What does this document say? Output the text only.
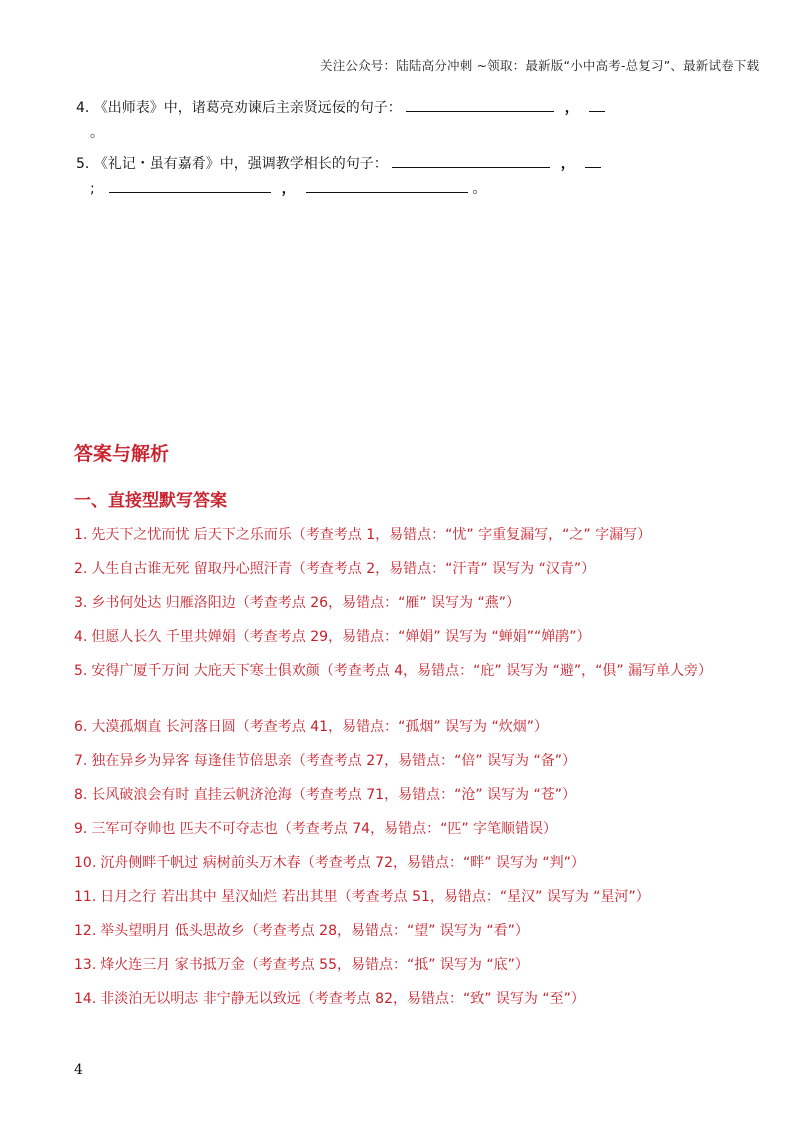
关注公众号：陆陆高分冲刺 ~领取：最新版“小中高考-总复习”、最新试卷下载
4. 《出师表》中，诸葛亮劝谏后主亲贤远佞的句子：	，
。
5. 《礼记・虽有嘉肴》中，强调教学相长的句子：	，
;	，	。
答案与解析
一、直接型默写答案
1. 先天下之忧而忧 后天下之乐而乐（考查考点 1，易错点：“忧” 字重复漏写，“之” 字漏写）
2. 人生自古谁无死 留取丹心照汗青（考查考点 2，易错点：“汗青” 误写为 “汉青”）
3. 乡书何处达 归雁洛阳边（考查考点 26，易错点：“雁” 误写为 “燕”）
4. 但愿人长久 千里共婵娟（考查考点 29，易错点：“婵娟” 误写为 “蝉娟”“婵鹃”）
5. 安得广厦千万间 大庇天下寒士俱欢颜（考查考点 4，易错点：“庇” 误写为 “避”，“俱” 漏写单人旁）
6. 大漠孤烟直 长河落日圆（考查考点 41，易错点：“孤烟” 误写为 “炊烟”）
7. 独在异乡为异客 每逢佳节倍思亲（考查考点 27，易错点：“倍” 误写为 “备”）
8. 长风破浪会有时 直挂云帆济沧海（考查考点 71，易错点：“沧” 误写为 “苍”）
9. 三军可夺帅也 匹夫不可夺志也（考查考点 74，易错点：“匹” 字笔顺错误）
10. 沉舟侧畔千帆过 病树前头万木春（考查考点 72，易错点：“畔” 误写为 “判”）
11. 日月之行 若出其中 星汉灿烂 若出其里（考查考点 51，易错点：“星汉” 误写为 “星河”）
12. 举头望明月 低头思故乡（考查考点 28，易错点：“望” 误写为 “看”）
13. 烽火连三月 家书抵万金（考查考点 55，易错点：“抵” 误写为 “底”）
14. 非淡泊无以明志 非宁静无以致远（考查考点 82，易错点：“致” 误写为 “至”）
4
